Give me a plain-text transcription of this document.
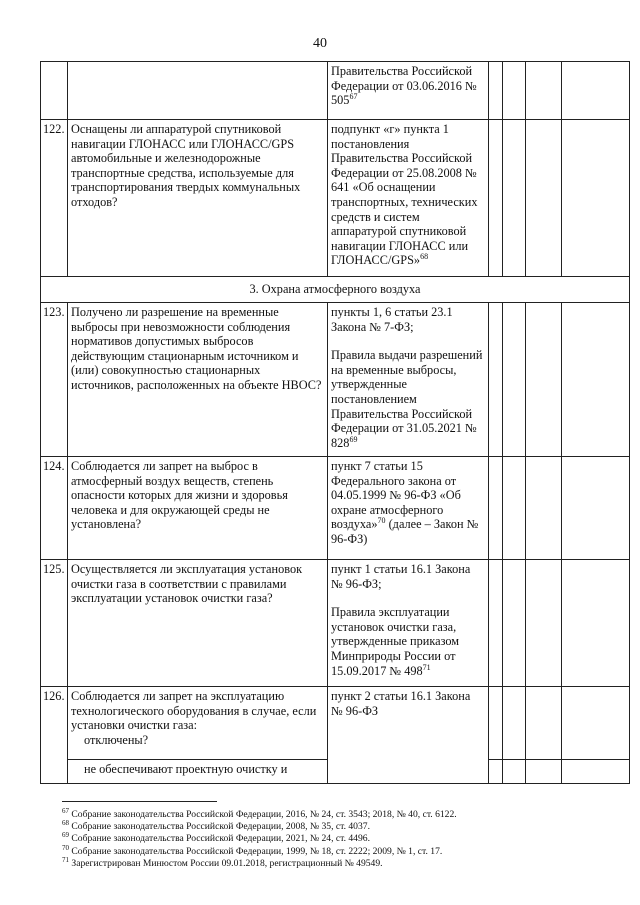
40
		Правительства Российской Федерации от 03.06.2016 № $505^{67}$				
122.	Оснащены ли аппаратурой спутниковой навигации ГЛОНАСС или ГЛОНАСС/GPS автомобильные и железнодорожные транспортные средства, используемые для транспортирования твердых коммунальных отходов?	подпункт «г» пункта 1 постановления Правительства Российской Федерации от 25.08.2008 № 641 «Об оснащении транспортных, технических средств и систем аппаратурой спутниковой навигации ГЛОНАСС или ГЛОНАСС/GPS»$^{68}$				
3. Охрана атмосферного воздуха						
123.	Получено ли разрешение на временные выбросы при невозможности соблюдения нормативов допустимых выбросов действующим стационарным источником и (или) совокупностью стационарных источников, расположенных на объекте НВОС?	пункты 1, 6 статьи 23.1 Закона № 7-ФЗ;
Правила выдачи разрешений на временные выбросы, утвержденные постановлением Правительства Российской Федерации от 31.05.2021 № $828^{69}$

124.	Соблюдается ли запрет на выброс в атмосферный воздух веществ, степень опасности которых для жизни и здоровья человека и для окружающей среды не установлена?	пункт 7 статьи 15 Федерального закона от 04.05.1999 № 96-ФЗ «Об охране атмосферного воздуха»$^{70}$ (далее – Закон № 96-ФЗ)				
125.	Осуществляется ли эксплуатация установок очистки газа в соответствии с правилами эксплуатации установок очистки газа?	пункт 1 статьи 16.1 Закона № 96-ФЗ;
Правила эксплуатации установок очистки газа, утвержденные приказом Минприроды России от 15.09.2017 № $498^{71}$

126.	Соблюдается ли запрет на эксплуатацию технологического оборудования в случае, если установки очистки газа:
отключены?	пункт 2 статьи 16.1 Закона № 96-ФЗ				

	не обеспечивают проектную очистку и					

$^{67}$ Собрание законодательства Российской Федерации, 2016, № 24, ст. 3543; 2018, № 40, ст. 6122.
$^{68}$ Собрание законодательства Российской Федерации, 2008, № 35, ст. 4037.
$^{69}$ Собрание законодательства Российской Федерации, 2021, № 24, ст. 4496.
$^{70}$ Собрание законодательства Российской Федерации, 1999, № 18, ст. 2222; 2009, № 1, ст. 17.
$^{71}$ Зарегистрирован Минюстом России 09.01.2018, регистрационный № 49549.
